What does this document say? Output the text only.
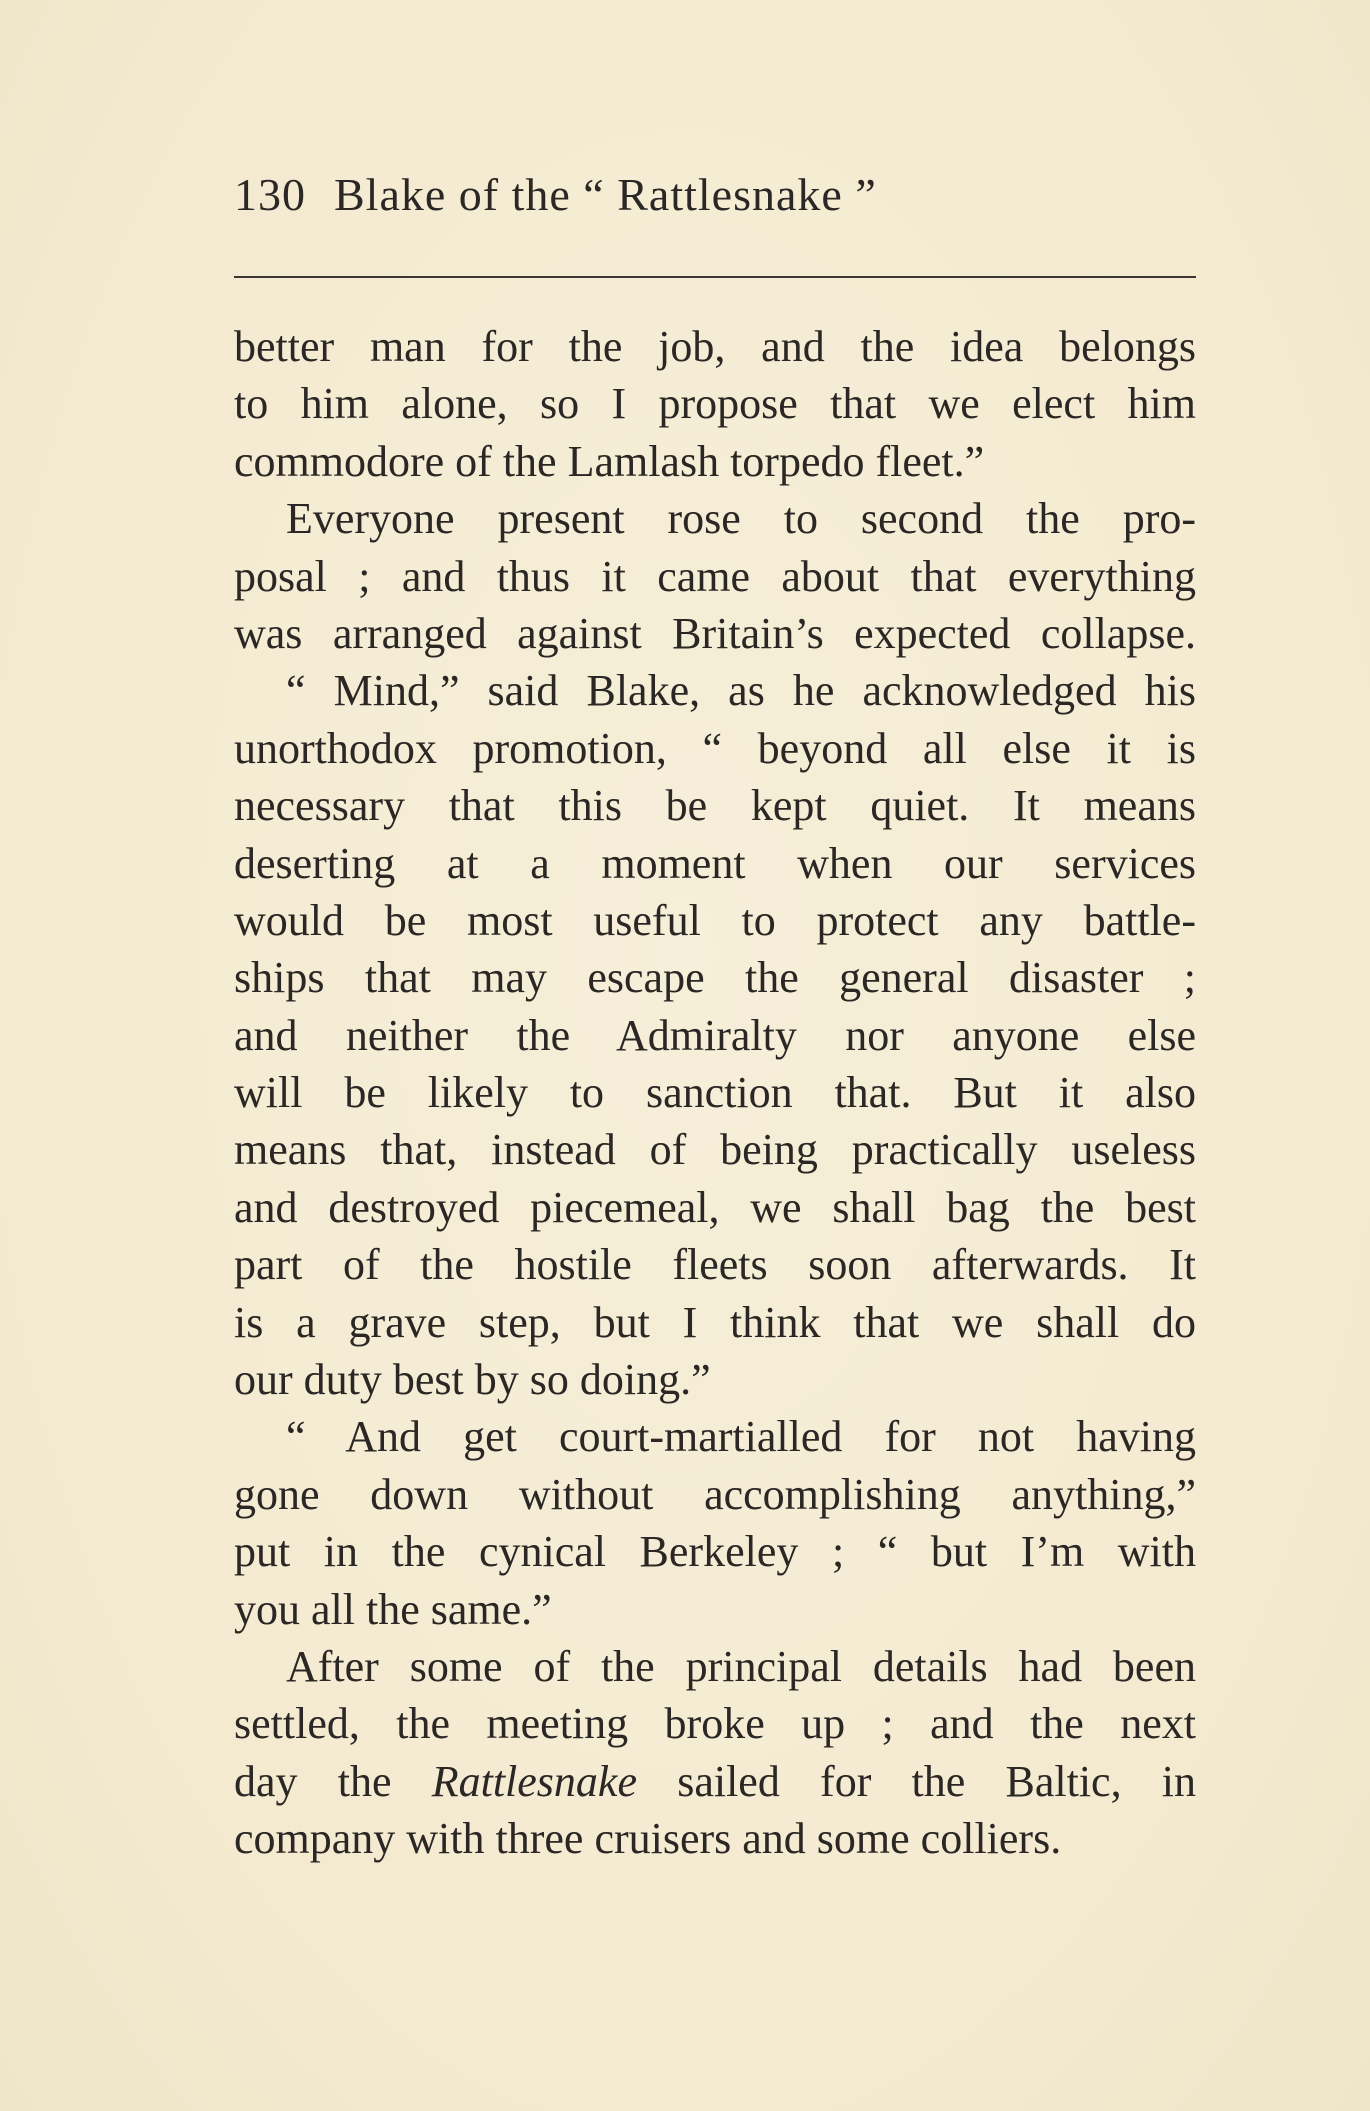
130 Blake of the “ Rattlesnake ”
better man for the job, and the idea belongs
to him alone, so I propose that we elect him
commodore of the Lamlash torpedo fleet.”
Everyone present rose to second the pro-
posal ; and thus it came about that everything
was arranged against Britain’s expected collapse.
“ Mind,” said Blake, as he acknowledged his
unorthodox promotion, “ beyond all else it is
necessary that this be kept quiet. It means
deserting at a moment when our services
would be most useful to protect any battle-
ships that may escape the general disaster ;
and neither the Admiralty nor anyone else
will be likely to sanction that. But it also
means that, instead of being practically useless
and destroyed piecemeal, we shall bag the best
part of the hostile fleets soon afterwards. It
is a grave step, but I think that we shall do
our duty best by so doing.”
“ And get court-martialled for not having
gone down without accomplishing anything,”
put in the cynical Berkeley ; “ but I’m with
you all the same.”
After some of the principal details had been
settled, the meeting broke up ; and the next
day the Rattlesnake sailed for the Baltic, in
company with three cruisers and some colliers.
